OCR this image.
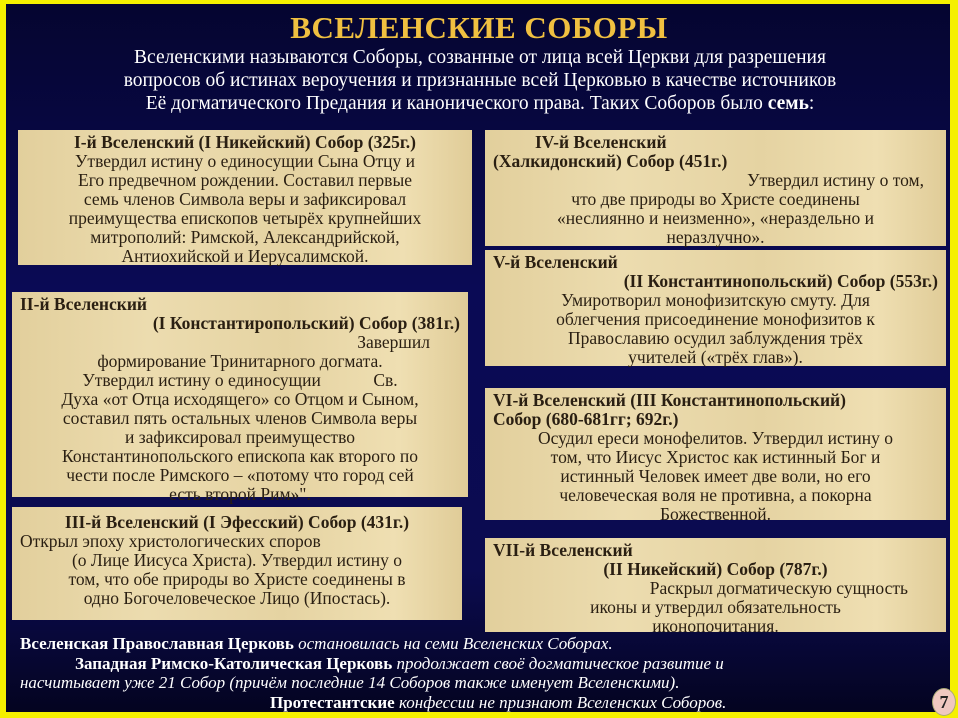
ВСЕЛЕНСКИЕ СОБОРЫ
Вселенскими называются Соборы, созванные от лица всей Церкви для разрешения
вопросов об истинах вероучения и признанные всей Церковью в качестве источников
Её догматического Предания и канонического права. Таких Соборов было семь:
I-й Вселенский (I Никейский) Собор (325г.)
Утвердил истину о единосущии Сына Отцу и
Его предвечном рождении. Составил первые
семь членов Символа веры и зафиксировал
преимущества епископов четырёх крупнейших
митрополий: Римской, Александрийской,
Антиохийской и Иерусалимской.
II-й Вселенский
(I Константиропольский) Собор (381г.)
Завершил
формирование Тринитарного догмата.
Утвердил истину о единосущии            Св.
Духа «от Отца исходящего» со Отцом и Сыном,
составил пять остальных членов Символа веры
и зафиксировал преимущество
Константинопольского епископа как второго по
чести после Римского – «потому что город сей
есть второй Рим»".
III-й Вселенский (I Эфесский) Собор (431г.)
Открыл эпоху христологических споров
(о Лице Иисуса Христа). Утвердил истину о
том, что обе природы во Христе соединены в
одно Богочеловеческое Лицо (Ипостась).
IV-й Вселенский
(Халкидонский) Собор (451г.)
Утвердил истину о том,
что две природы во Христе соединены
«неслиянно и неизменно», «нераздельно и
неразлучно».
V-й Вселенский
(II Константинопольский) Собор (553г.)
Умиротворил монофизитскую смуту. Для
облегчения присоединение монофизитов к
Православию осудил заблуждения трёх
учителей («трёх глав»).
VI-й Вселенский (III Константинопольский)
Собор (680-681гг; 692г.)
Осудил ереси монофелитов. Утвердил истину о
том, что Иисус Христос как истинный Бог и
истинный Человек имеет две воли, но его
человеческая воля не противна, а покорна
Божественной.
VII-й Вселенский
(II Никейский) Собор (787г.)
Раскрыл догматическую сущность
иконы и утвердил обязательность
иконопочитания.
Вселенская Православная Церковь остановилась на семи Вселенских Соборах.
Западная Римско-Католическая Церковь продолжает своё догматическое развитие и
насчитывает уже 21 Собор (причём последние 14 Соборов также именует Вселенскими).
Протестантские конфессии не признают Вселенских Соборов.	7
